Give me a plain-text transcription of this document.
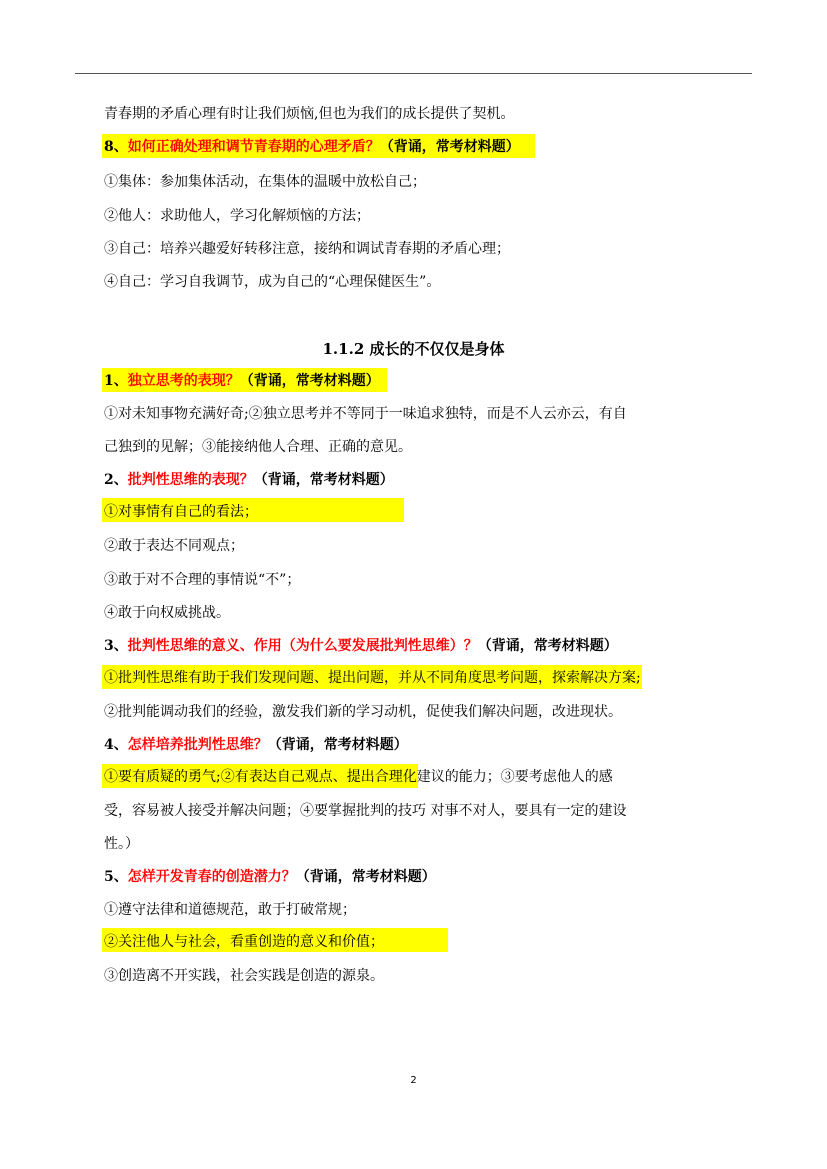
青春期的矛盾心理有时让我们烦恼,但也为我们的成长提供了契机。
8、如何正确处理和调节青春期的心理矛盾？（背诵，常考材料题）
①集体：参加集体活动，在集体的温暖中放松自己；
②他人：求助他人，学习化解烦恼的方法；
③自己：培养兴趣爱好转移注意，接纳和调试青春期的矛盾心理；
④自己：学习自我调节，成为自己的“心理保健医生”。
1.1.2 成长的不仅仅是身体
1、独立思考的表现？（背诵，常考材料题）
①对未知事物充满好奇;②独立思考并不等同于一味追求独特，而是不人云亦云，有自
己独到的见解；③能接纳他人合理、正确的意见。
2、批判性思维的表现？（背诵，常考材料题）
①对事情有自己的看法；
②敢于表达不同观点；
③敢于对不合理的事情说“不”；
④敢于向权威挑战。
3、批判性思维的意义、作用（为什么要发展批判性思维）？（背诵，常考材料题）
①批判性思维有助于我们发现问题、提出问题，并从不同角度思考问题，探索解决方案;
②批判能调动我们的经验，激发我们新的学习动机，促使我们解决问题，改进现状。
4、怎样培养批判性思维？（背诵，常考材料题）
①要有质疑的勇气;②有表达自己观点、提出合理化建议的能力；③要考虑他人的感
受，容易被人接受并解决问题；④要掌握批判的技巧 对事不对人，要具有一定的建设
性。）
5、怎样开发青春的创造潜力？（背诵，常考材料题）
①遵守法律和道德规范，敢于打破常规；
②关注他人与社会，看重创造的意义和价值；
③创造离不开实践，社会实践是创造的源泉。
2
